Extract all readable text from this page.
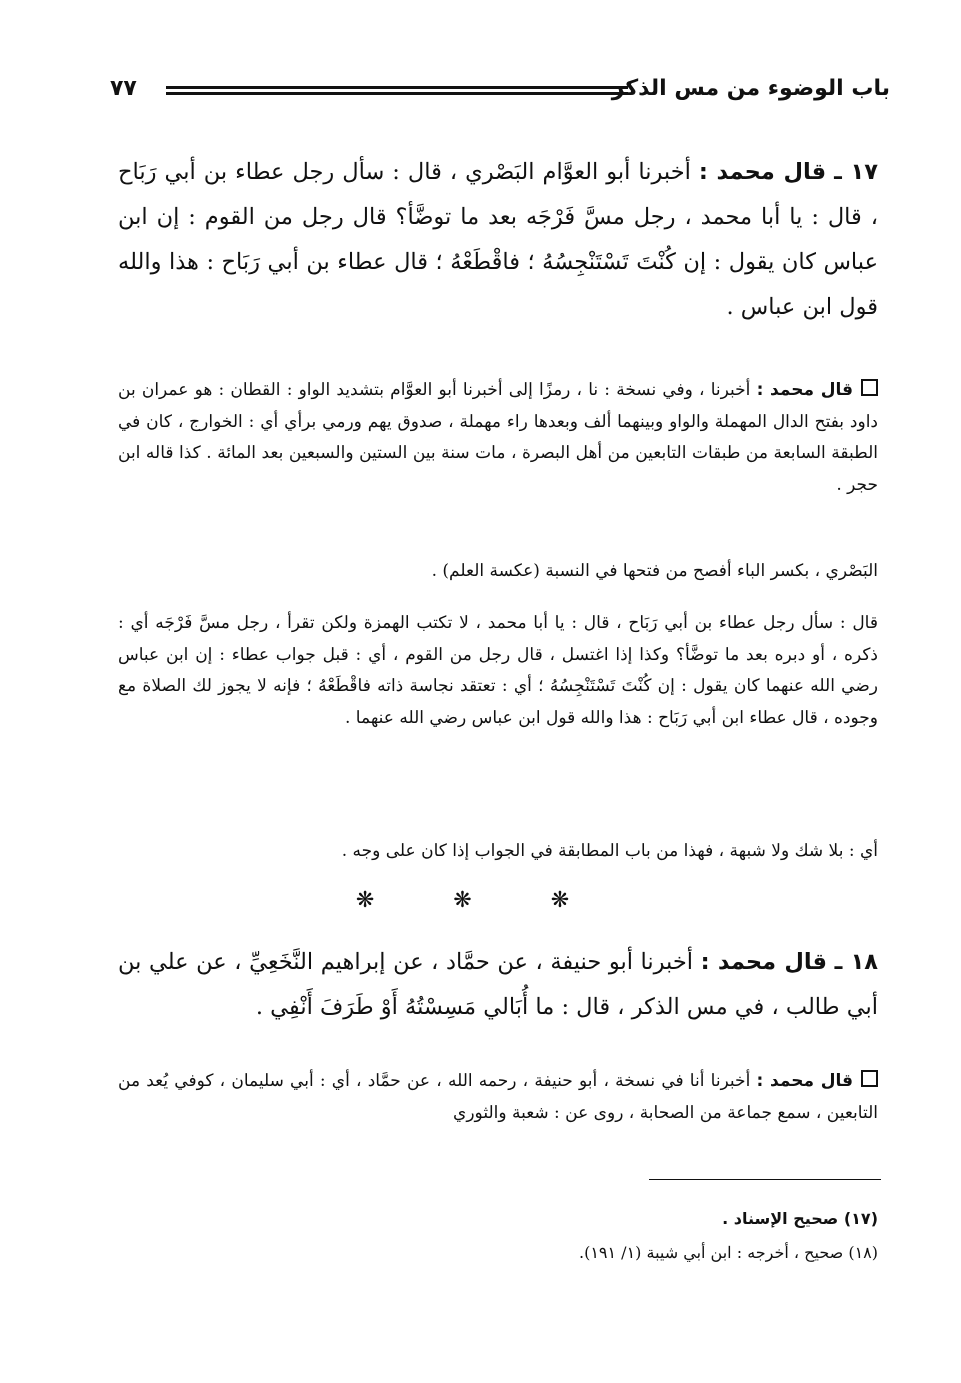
باب الوضوء من مس الذكر
٧٧
١٧ ـ قال محمد : أخبرنا أبو العوَّام البَصْري ، قال : سأل رجل عطاء بن أبي رَبَاح ، قال : يا أبا محمد ، رجل مسَّ فَرْجَه بعد ما توضَّأ؟ قال رجل من القوم : إن ابن عباس كان يقول : إن كُنْتَ تَسْتَنْجِسُهُ ؛ فاقْطَعْهُ ؛ قال عطاء بن أبي رَبَاح : هذا والله قول ابن عباس .
قال محمد : أخبرنا ، وفي نسخة : نا ، رمزًا إلى أخبرنا أبو العوَّام بتشديد الواو : القطان : هو عمران بن داود بفتح الدال المهملة والواو وبينهما ألف وبعدها راء مهملة ، صدوق يهم ورمي برأي أي : الخوارج ، كان في الطبقة السابعة من طبقات التابعين من أهل البصرة ، مات سنة بين الستين والسبعين بعد المائة . كذا قاله ابن حجر .
البَصْري ، بكسر الباء أفصح من فتحها في النسبة (عكسة العلم) .
قال : سأل رجل عطاء بن أبي رَبَاح ، قال : يا أبا محمد ، لا تكتب الهمزة ولكن تقرأ ، رجل مسَّ فَرْجَه أي : ذكره ، أو دبره بعد ما توضَّأ؟ وكذا إذا اغتسل ، قال رجل من القوم ، أي : قبل جواب عطاء : إن ابن عباس رضي الله عنهما كان يقول : إن كُنْتَ تَسْتَنْجِسُهُ ؛ أي : تعتقد نجاسة ذاته فاقْطَعْهُ ؛ فإنه لا يجوز لك الصلاة مع وجوده ، قال عطاء ابن أبي رَبَاح : هذا والله قول ابن عباس رضي الله عنهما .
أي : بلا شك ولا شبهة ، فهذا من باب المطابقة في الجواب إذا كان على وجه .
❋ ❋ ❋
١٨ ـ قال محمد : أخبرنا أبو حنيفة ، عن حمَّاد ، عن إبراهيم النَّخَعِيِّ ، عن علي بن أبي طالب ، في مس الذكر ، قال : ما أُبَالي مَسِسْتُهُ أَوْ طَرَفَ أَنْفِي .
قال محمد : أخبرنا أنا في نسخة ، أبو حنيفة ، رحمه الله ، عن حمَّاد ، أي : أبي سليمان ، كوفي يُعد من التابعين ، سمع جماعة من الصحابة ، روى عن : شعبة والثوري
(١٧) صحيح الإسناد .
(١٨) صحيح ، أخرجه : ابن أبي شيبة (١/ ١٩١).
